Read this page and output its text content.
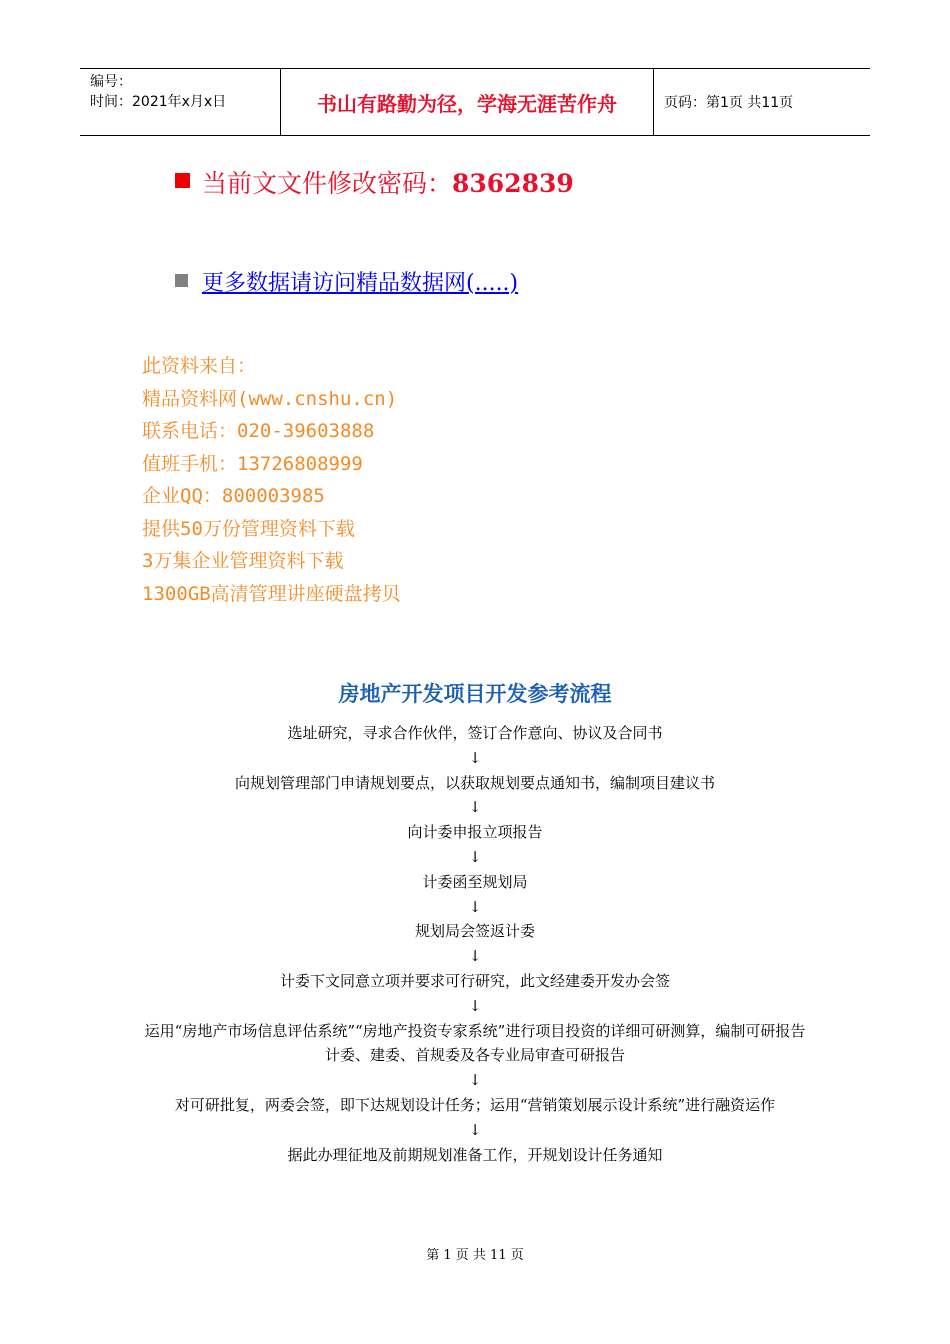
编号：
时间：2021年x月x日	书山有路勤为径，学海无涯苦作舟	页码：第1页 共11页
当前文文件修改密码：8362839
更多数据请访问精品数据网(.....)
此资料来自：
精品资料网(www.cnshu.cn)
联系电话：020-39603888
值班手机：13726808999
企业QQ：800003985
提供50万份管理资料下载
3万集企业管理资料下载
1300GB高清管理讲座硬盘拷贝
房地产开发项目开发参考流程
选址研究，寻求合作伙伴，签订合作意向、协议及合同书
↓
向规划管理部门申请规划要点，以获取规划要点通知书，编制项目建议书
↓
向计委申报立项报告
↓
计委函至规划局
↓
规划局会签返计委
↓
计委下文同意立项并要求可行研究，此文经建委开发办会签
↓
运用“房地产市场信息评估系统”“房地产投资专家系统”进行项目投资的详细可研测算，编制可研报告
计委、建委、首规委及各专业局审查可研报告
↓
对可研批复，两委会签，即下达规划设计任务；运用“营销策划展示设计系统”进行融资运作
↓
据此办理征地及前期规划准备工作，开规划设计任务通知
第 1 页 共 11 页
